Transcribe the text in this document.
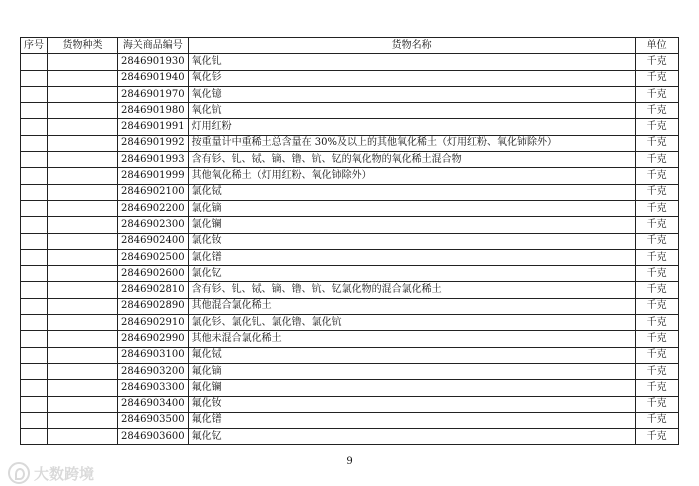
序号	货物种类	海关商品编号	货物名称	单位
		2846901930	氧化钆	千克
		2846901940	氧化钐	千克
		2846901970	氧化镱	千克
		2846901980	氧化钪	千克
		2846901991	灯用红粉	千克
		2846901992	按重量计中重稀土总含量在 30%及以上的其他氧化稀土（灯用红粉、氧化铈除外）	千克
		2846901993	含有钐、钆、铽、镝、镥、钪、钇的氧化物的氧化稀土混合物	千克
		2846901999	其他氧化稀土（灯用红粉、氧化铈除外）	千克
		2846902100	氯化铽	千克
		2846902200	氯化镝	千克
		2846902300	氯化镧	千克
		2846902400	氯化钕	千克
		2846902500	氯化镨	千克
		2846902600	氯化钇	千克
		2846902810	含有钐、钆、铽、镝、镥、钪、钇氯化物的混合氯化稀土	千克
		2846902890	其他混合氯化稀土	千克
		2846902910	氯化钐、氯化钆、氯化镥、氯化钪	千克
		2846902990	其他未混合氯化稀土	千克
		2846903100	氟化铽	千克
		2846903200	氟化镝	千克
		2846903300	氟化镧	千克
		2846903400	氟化钕	千克
		2846903500	氟化镨	千克
		2846903600	氟化钇	千克
9
大数跨境
